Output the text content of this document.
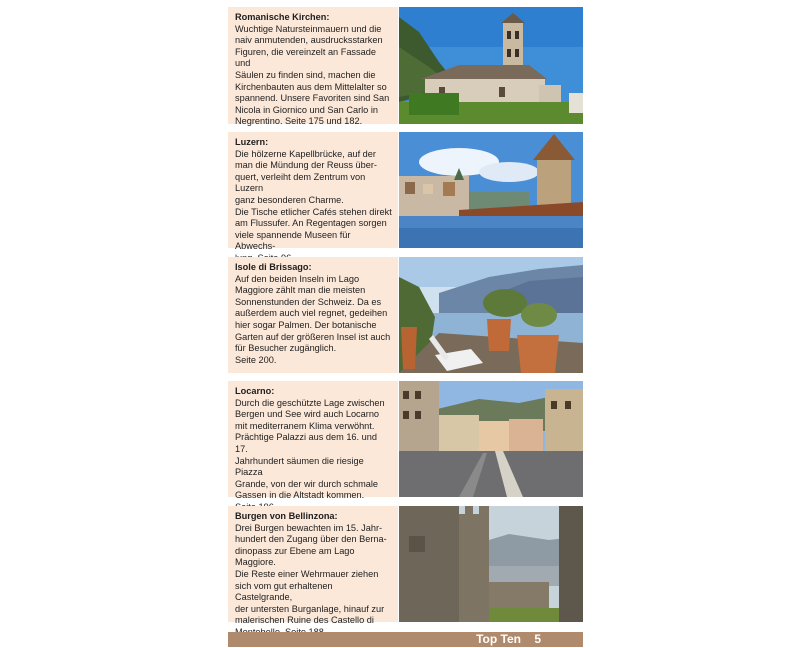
Romanische Kirchen:
Wuchtige Natursteinmauern und die
naiv anmutenden, ausdrucksstarken
Figuren, die vereinzelt an Fassade und
Säulen zu finden sind, machen die
Kirchenbauten aus dem Mittelalter so
spannend. Unsere Favoriten sind San
Nicola in Giornico und San Carlo in
Negrentino. Seite 175 und 182.
Luzern:
Die hölzerne Kapellbrücke, auf der
man die Mündung der Reuss über-
quert, verleiht dem Zentrum von Luzern
ganz besonderen Charme.
Die Tische etlicher Cafés stehen direkt
am Flussufer. An Regentagen sorgen
viele spannende Museen für Abwechs-

Isole di Brissago:
Auf den beiden Inseln im Lago
Maggiore zählt man die meisten
Sonnenstunden der Schweiz. Da es
außerdem auch viel regnet, gedeihen
hier sogar Palmen. Der botanische
Garten auf der größeren Insel ist auch
für Besucher zugänglich.
Seite 200.
Locarno:
Durch die geschützte Lage zwischen
Bergen und See wird auch Locarno
mit mediterranem Klima verwöhnt.
Prächtige Palazzi aus dem 16. und 17.
Jahrhundert säumen die riesige Piazza
Grande, von der wir durch schmale
Gassen in die Altstadt kommen.

Burgen von Bellinzona:
Drei Burgen bewachten im 15. Jahr-
hundert den Zugang über den Berna-
dinopass zur Ebene am Lago Maggiore.
Die Reste einer Wehrmauer ziehen
sich vom gut erhaltenen Castelgrande,
der untersten Burganlage, hinauf zur
malerischen Ruine des Castello di

Top Ten 5
